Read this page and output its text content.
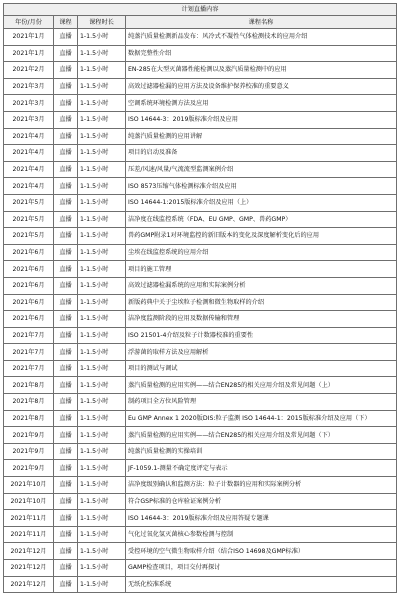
计划直播内容			
年份/月份	课程	课程时长	课程名称
2021年1月	直播	1-1.5小时	纯蒸汽质量检测新品发布：风冷式不凝性气体检测技术的应用介绍
2021年1月	直播	1-1.5小时	数据完整性介绍
2021年2月	直播	1-1.5小时	EN-285在大型灭菌器性能检测以及蒸汽质量检测中的应用
2021年3月	直播	1-1.5小时	高效过滤器检漏的应用方法及设备维护保养校准的重要意义
2021年3月	直播	1-1.5小时	空调系统环境检测方法及应用
2021年3月	直播	1-1.5小时	ISO 14644-3：2019版标准介绍及应用
2021年4月	直播	1-1.5小时	纯蒸汽质量检测的应用讲解
2021年4月	直播	1-1.5小时	项目的启动及准备
2021年4月	直播	1-1.5小时	压差/风速/风量/气流流型监测案例介绍
2021年4月	直播	1-1.5小时	ISO 8573压缩气体检测标准介绍及应用
2021年5月	直播	1-1.5小时	ISO 14644-1:2015版标准介绍及应用（上）
2021年5月	直播	1-1.5小时	洁净度在线监控系统（FDA、EU GMP、GMP、兽药GMP）
2021年5月	直播	1-1.5小时	兽药GMP附录1对环境监控的新旧版本的变化及深度解析变化后的应用
2021年6月	直播	1-1.5小时	尘埃在线监控系统的应用介绍
2021年6月	直播	1-1.5小时	项目的施工管理
2021年6月	直播	1-1.5小时	高效过滤器检漏系统的应用和实际案例分析
2021年6月	直播	1-1.5小时	新版药典中关于尘埃粒子检测和微生物取样的介绍
2021年6月	直播	1-1.5小时	洁净度监测阶段的应用及数据传输和管理
2021年7月	直播	1-1.5小时	ISO 21501-4介绍及粒子计数器校准的重要性
2021年7月	直播	1-1.5小时	浮游菌的取样方法及应用解析
2021年7月	直播	1-1.5小时	项目的测试与调试
2021年8月	直播	1-1.5小时	蒸汽质量检测的应用实例——结合EN285的相关应用介绍及常见问题（上）
2021年8月	直播	1-1.5小时	制药项目全方位风险管理
2021年8月	直播	1-1.5小时	Eu GMP Annex 1 2020版DIS:粒子监测 ISO 14644-1：2015版标准介绍及应用（下）
2021年9月	直播	1-1.5小时	蒸汽质量检测的应用实例——结合EN285的相关应用介绍及常见问题（下）
2021年9月	直播	1-1.5小时	纯蒸汽质量检测的实操培训
2021年9月	直播	1-1.5小时	JF-1059.1-测量不确定度评定与表示
2021年10月	直播	1-1.5小时	洁净度级别确认和监测方法：粒子计数器的应用和实际案例分析
2021年10月	直播	1-1.5小时	符合GSP标准的仓库验证案例分析
2021年11月	直播	1-1.5小时	ISO 14644-3：2019版标准介绍及应用答疑专题课
2021年11月	直播	1-1.5小时	气化过氧化氢灭菌核心参数检测与控制
2021年12月	直播	1-1.5小时	受控环境的空气微生物取样介绍（结合ISO 14698及GMP标准）
2021年12月	直播	1-1.5小时	GAMP检查项目，项目交付再探讨
2021年12月	直播	1-1.5小时	无纸化校准系统
